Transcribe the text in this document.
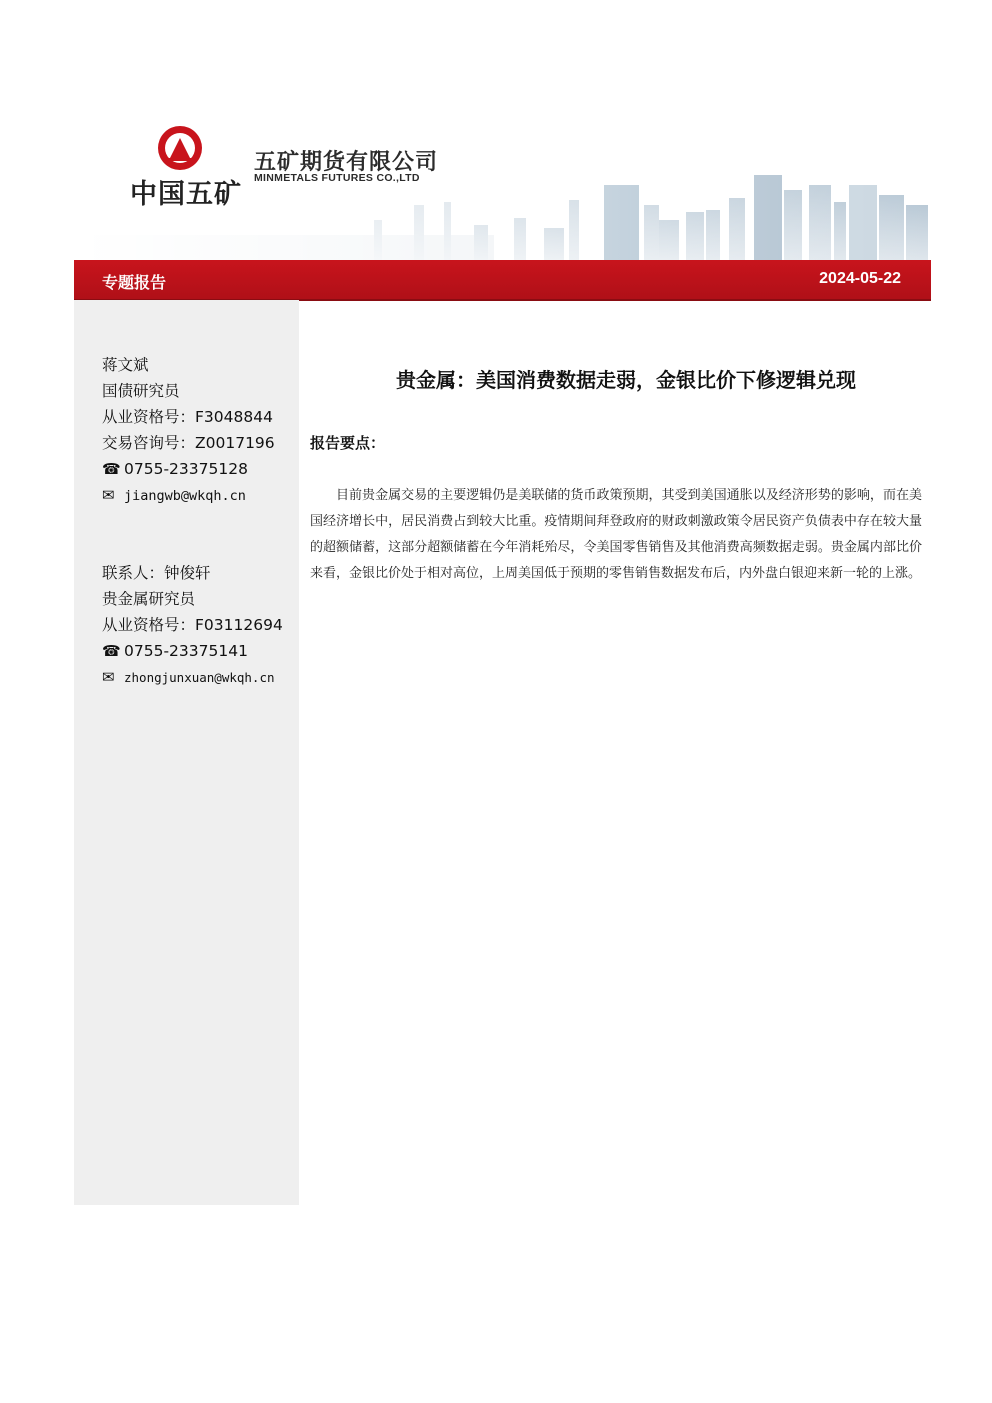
中国五矿
五矿期货有限公司
MINMETALS FUTURES CO.,LTD
专题报告	2024-05-22
蒋文斌
国债研究员
从业资格号：F3048844
交易咨询号：Z0017196
☎ 0755-23375128
✉ jiangwb@wkqh.cn
联系人：钟俊轩
贵金属研究员
从业资格号：F03112694
☎ 0755-23375141
✉ zhongjunxuan@wkqh.cn
贵金属：美国消费数据走弱，金银比价下修逻辑兑现
报告要点：
目前贵金属交易的主要逻辑仍是美联储的货币政策预期，其受到美国通胀以及经济形势的影响，而在美国经济增长中，居民消费占到较大比重。疫情期间拜登政府的财政刺激政策令居民资产负债表中存在较大量的超额储蓄，这部分超额储蓄在今年消耗殆尽，令美国零售销售及其他消费高频数据走弱。贵金属内部比价来看，金银比价处于相对高位，上周美国低于预期的零售销售数据发布后，内外盘白银迎来新一轮的上涨。
